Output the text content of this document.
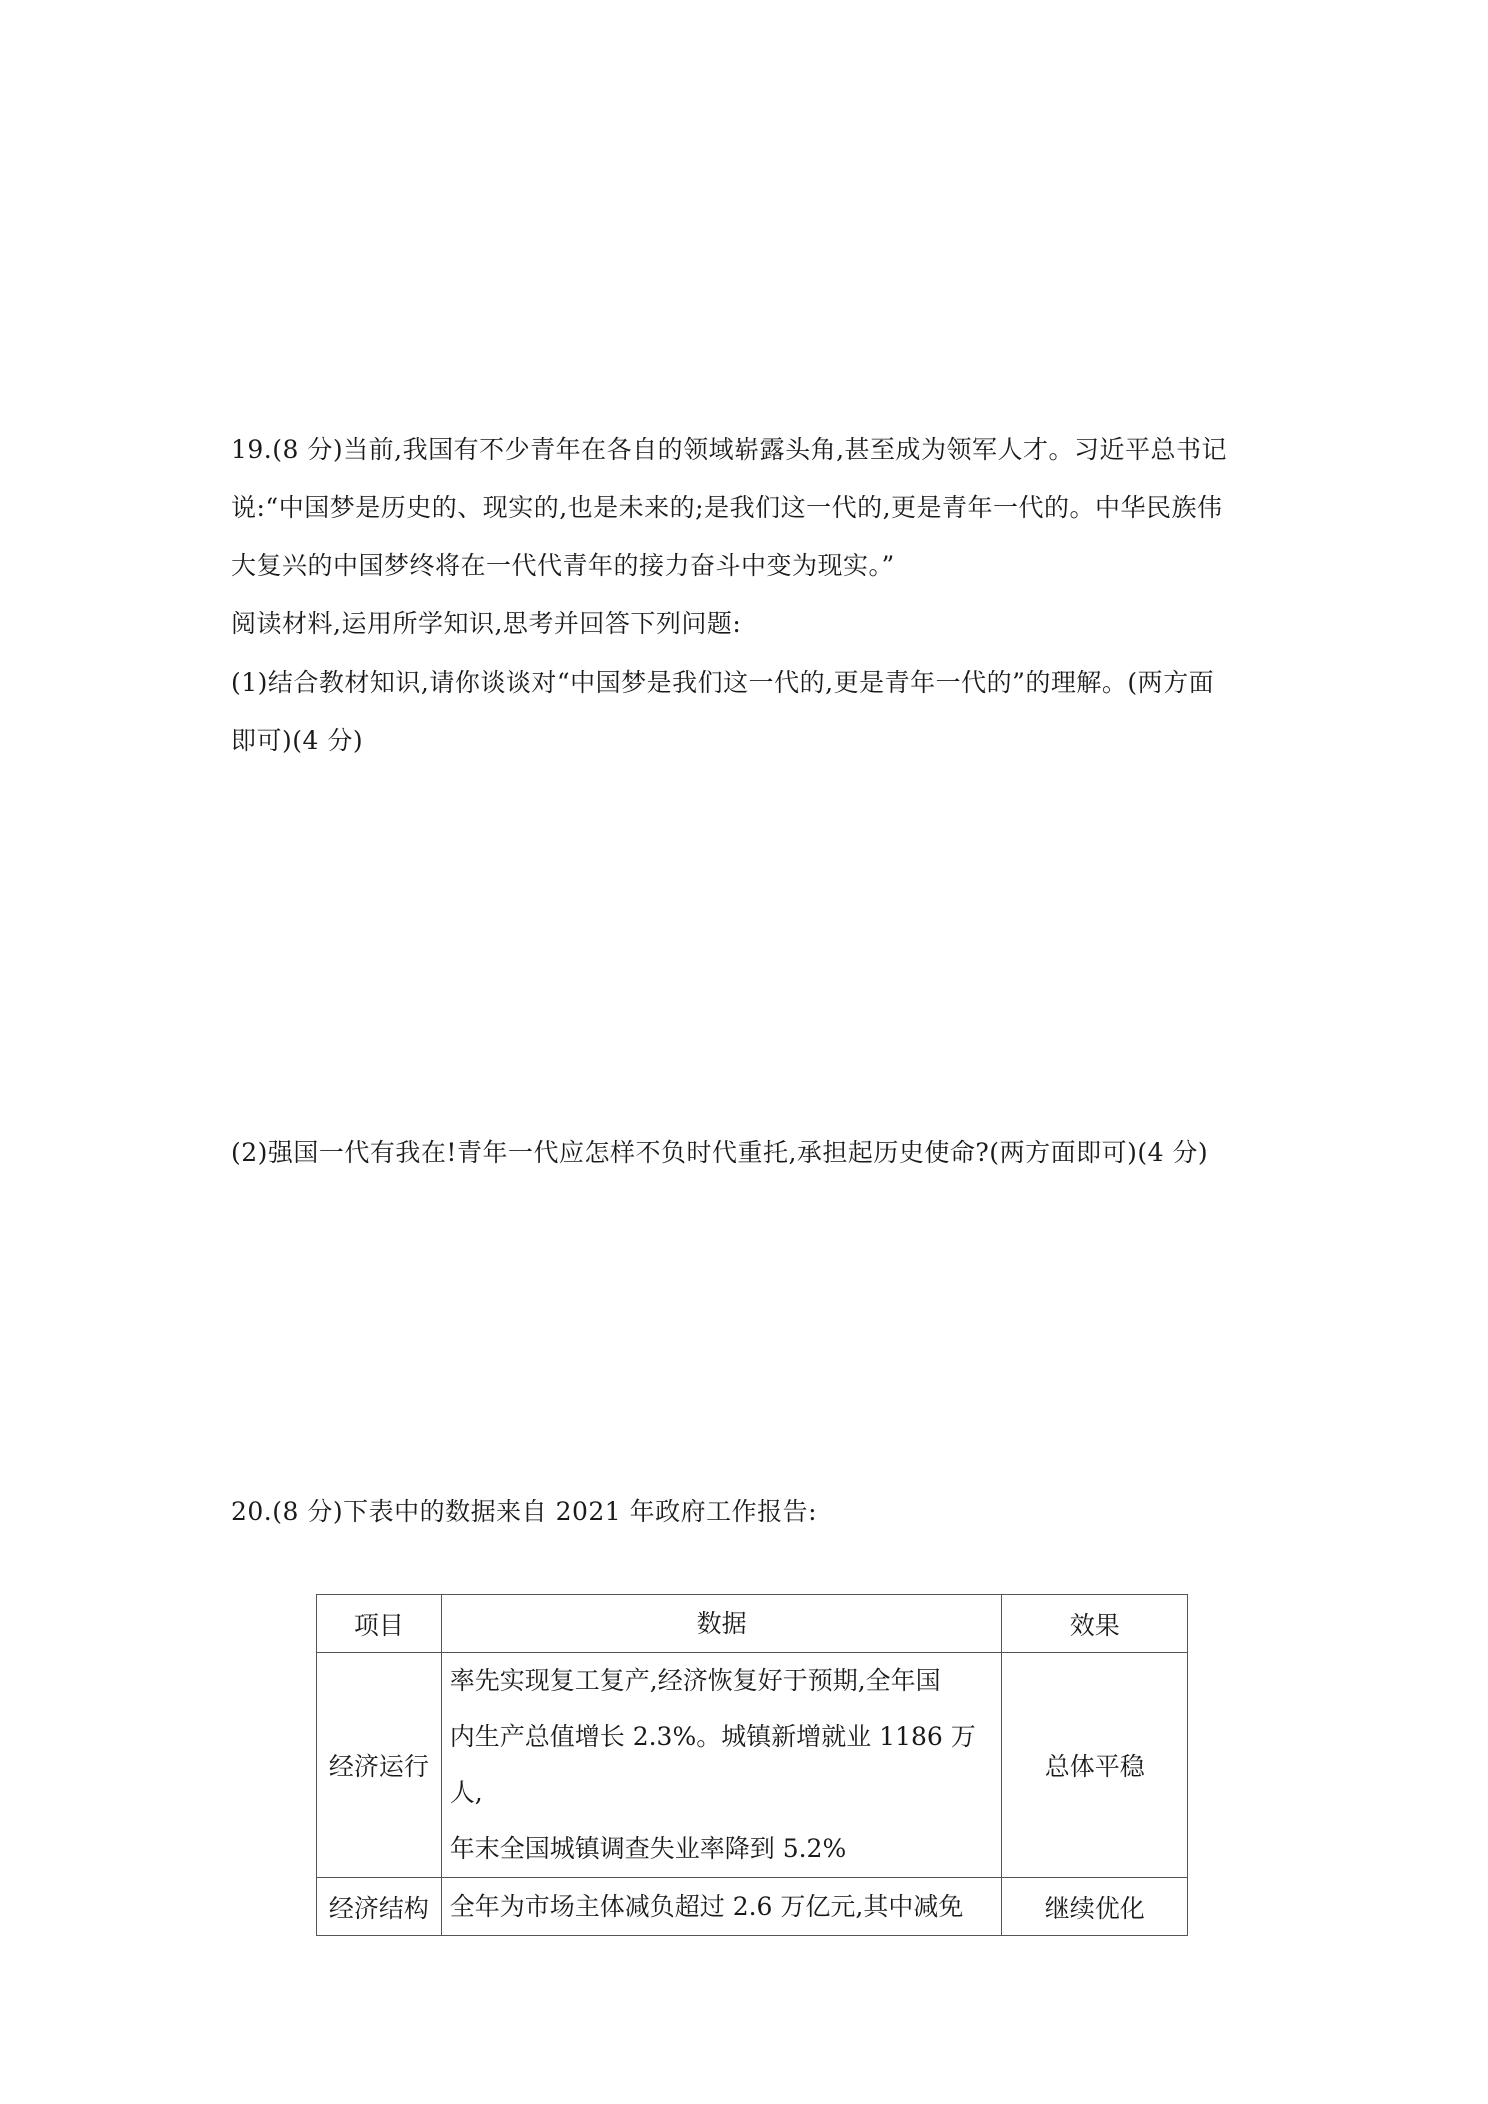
19.(8 分)当前,我国有不少青年在各自的领域崭露头角,甚至成为领军人才。习近平总书记
说:“中国梦是历史的、现实的,也是未来的;是我们这一代的,更是青年一代的。中华民族伟
大复兴的中国梦终将在一代代青年的接力奋斗中变为现实。”
阅读材料,运用所学知识,思考并回答下列问题:
(1)结合教材知识,请你谈谈对“中国梦是我们这一代的,更是青年一代的”的理解。(两方面
即可)(4 分)
(2)强国一代有我在!青年一代应怎样不负时代重托,承担起历史使命?(两方面即可)(4 分)
20.(8 分)下表中的数据来自 2021 年政府工作报告:
项目	数据	效果
经济运行	率先实现复工复产,经济恢复好于预期,全年国
内生产总值增长 2.3%。城镇新增就业 1186 万人,
年末全国城镇调查失业率降到 5.2%	总体平稳
经济结构	全年为市场主体减负超过 2.6 万亿元,其中减免	继续优化
